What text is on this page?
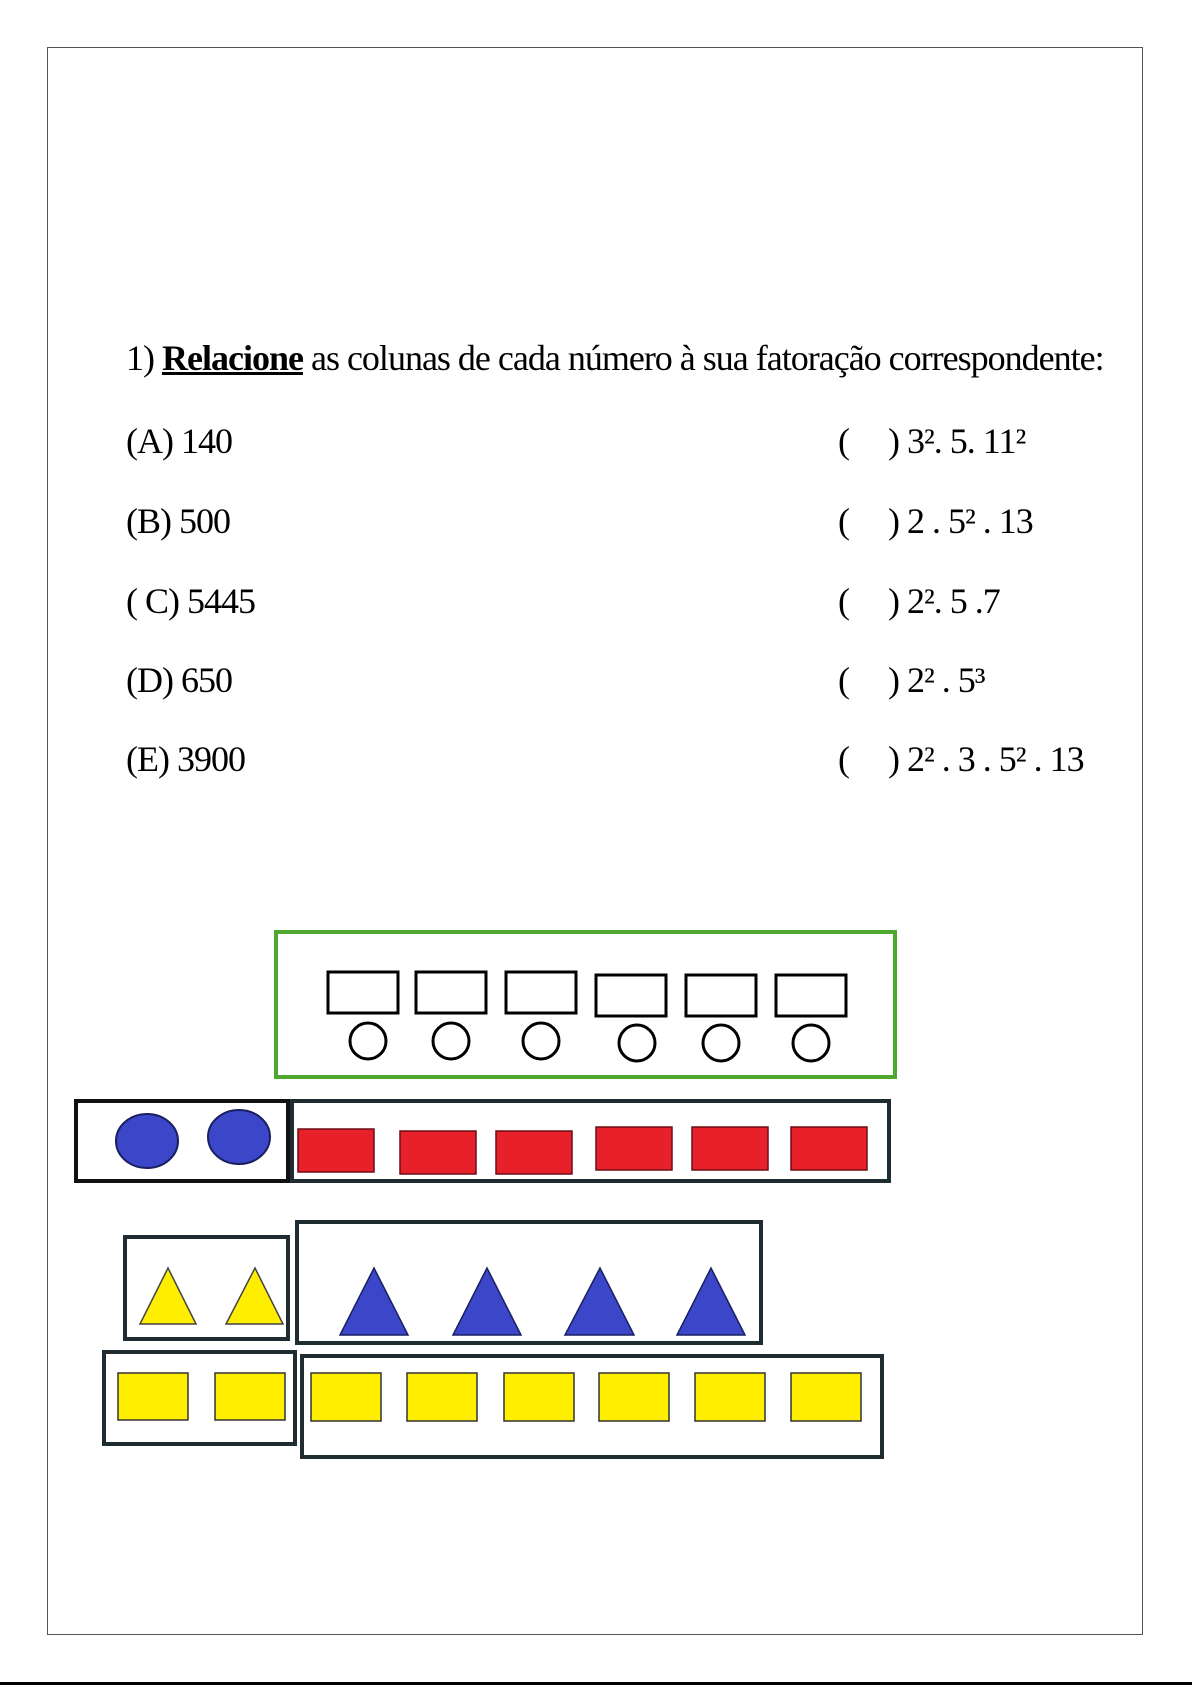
1) Relacione as colunas de cada número à sua fatoração correspondente:
(A) 140
(B) 500
( C) 5445
(D) 650
(E) 3900
( ) 3². 5. 11²
( ) 2 . 5² . 13
( ) 2². 5 .7
( ) 2² . 5³
( ) 2² . 3 . 5² . 13
